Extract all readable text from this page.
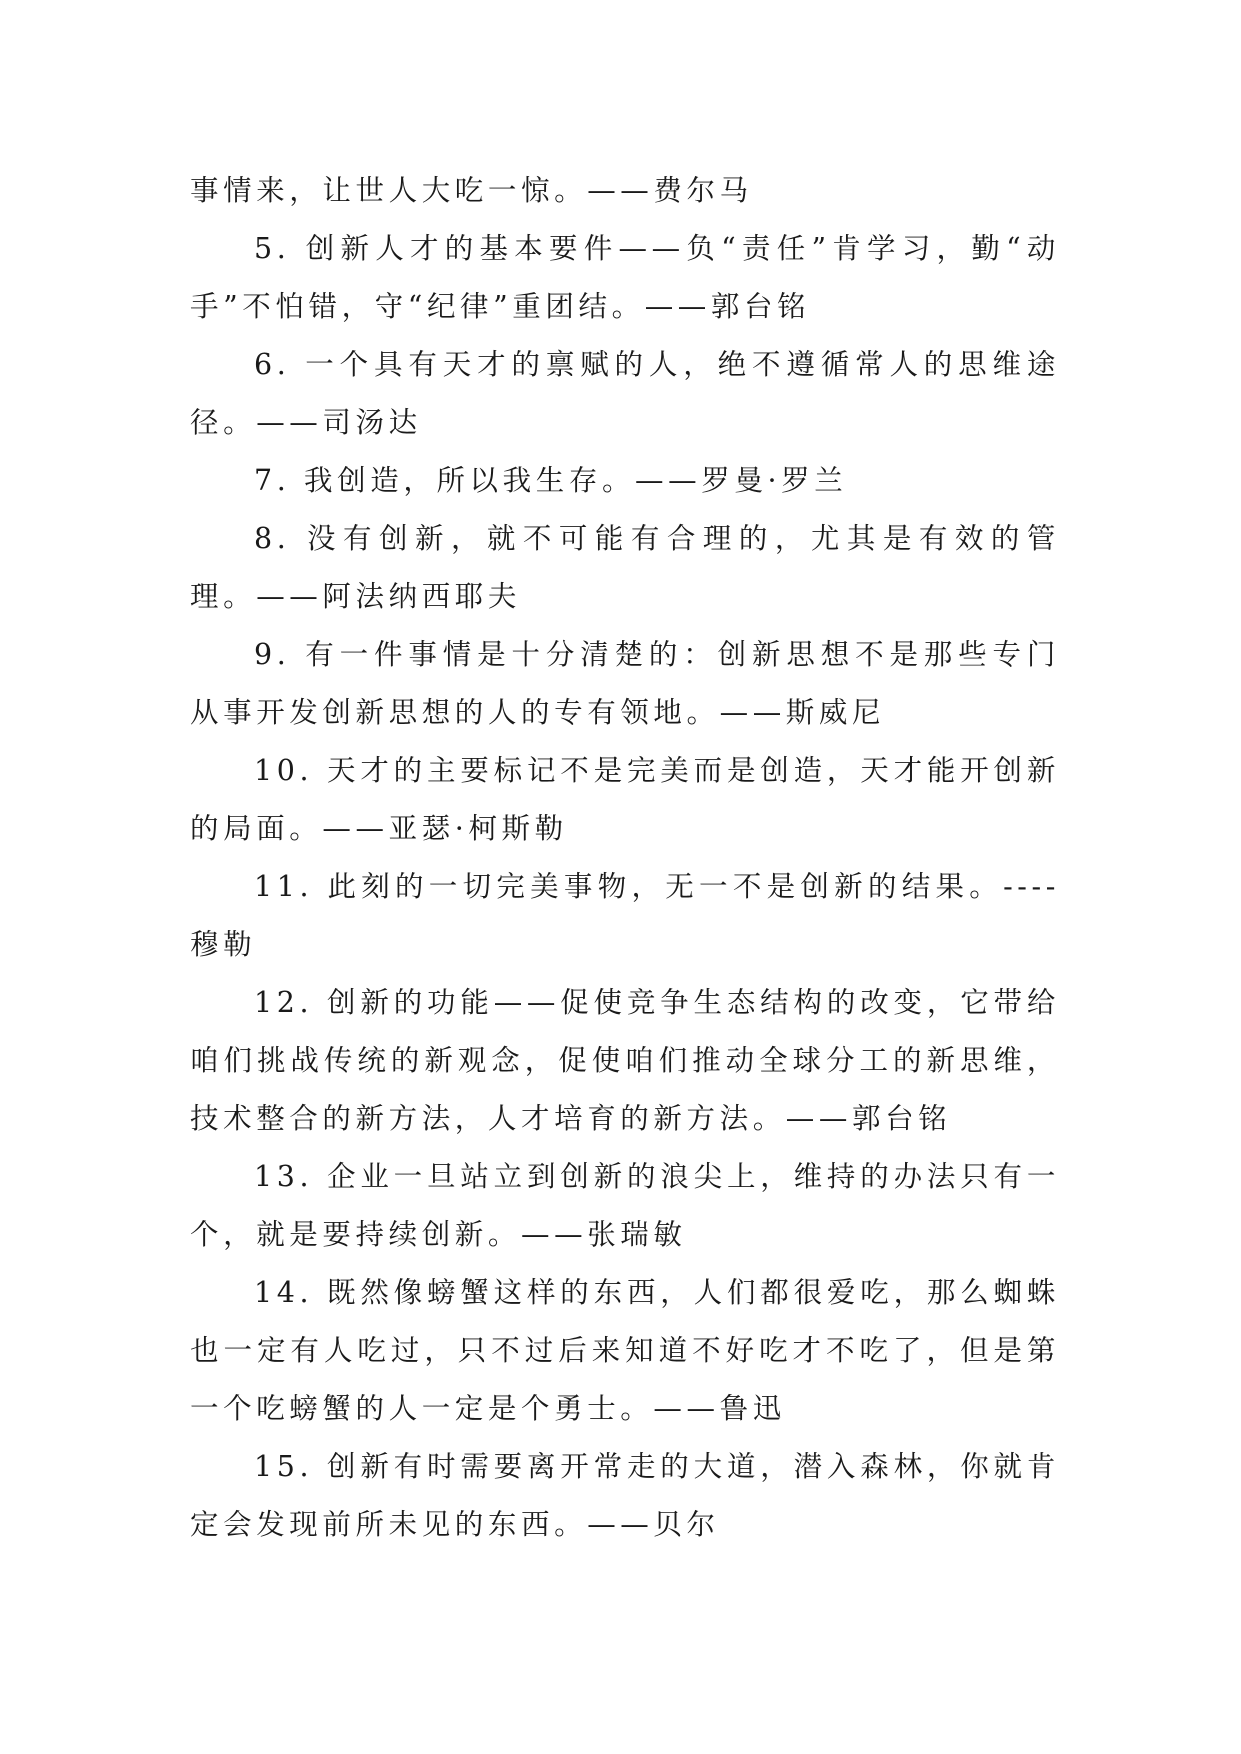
事情来，让世人大吃一惊。——费尔马

5. 创新人才的基本要件——负“责任”肯学习，勤“动手”不怕错，守“纪律”重团结。——郭台铭

6. 一个具有天才的禀赋的人，绝不遵循常人的思维途径。——司汤达

7. 我创造，所以我生存。——罗曼·罗兰

8. 没有创新，就不可能有合理的，尤其是有效的管理。——阿法纳西耶夫

9. 有一件事情是十分清楚的：创新思想不是那些专门从事开发创新思想的人的专有领地。——斯威尼

10. 天才的主要标记不是完美而是创造，天才能开创新的局面。——亚瑟·柯斯勒

11. 此刻的一切完美事物，无一不是创新的结果。----穆勒

12. 创新的功能——促使竞争生态结构的改变，它带给咱们挑战传统的新观念，促使咱们推动全球分工的新思维，技术整合的新方法，人才培育的新方法。——郭台铭

13. 企业一旦站立到创新的浪尖上，维持的办法只有一个，就是要持续创新。——张瑞敏

14. 既然像螃蟹这样的东西，人们都很爱吃，那么蜘蛛也一定有人吃过，只不过后来知道不好吃才不吃了，但是第一个吃螃蟹的人一定是个勇士。——鲁迅

15. 创新有时需要离开常走的大道，潜入森林，你就肯定会发现前所未见的东西。——贝尔
